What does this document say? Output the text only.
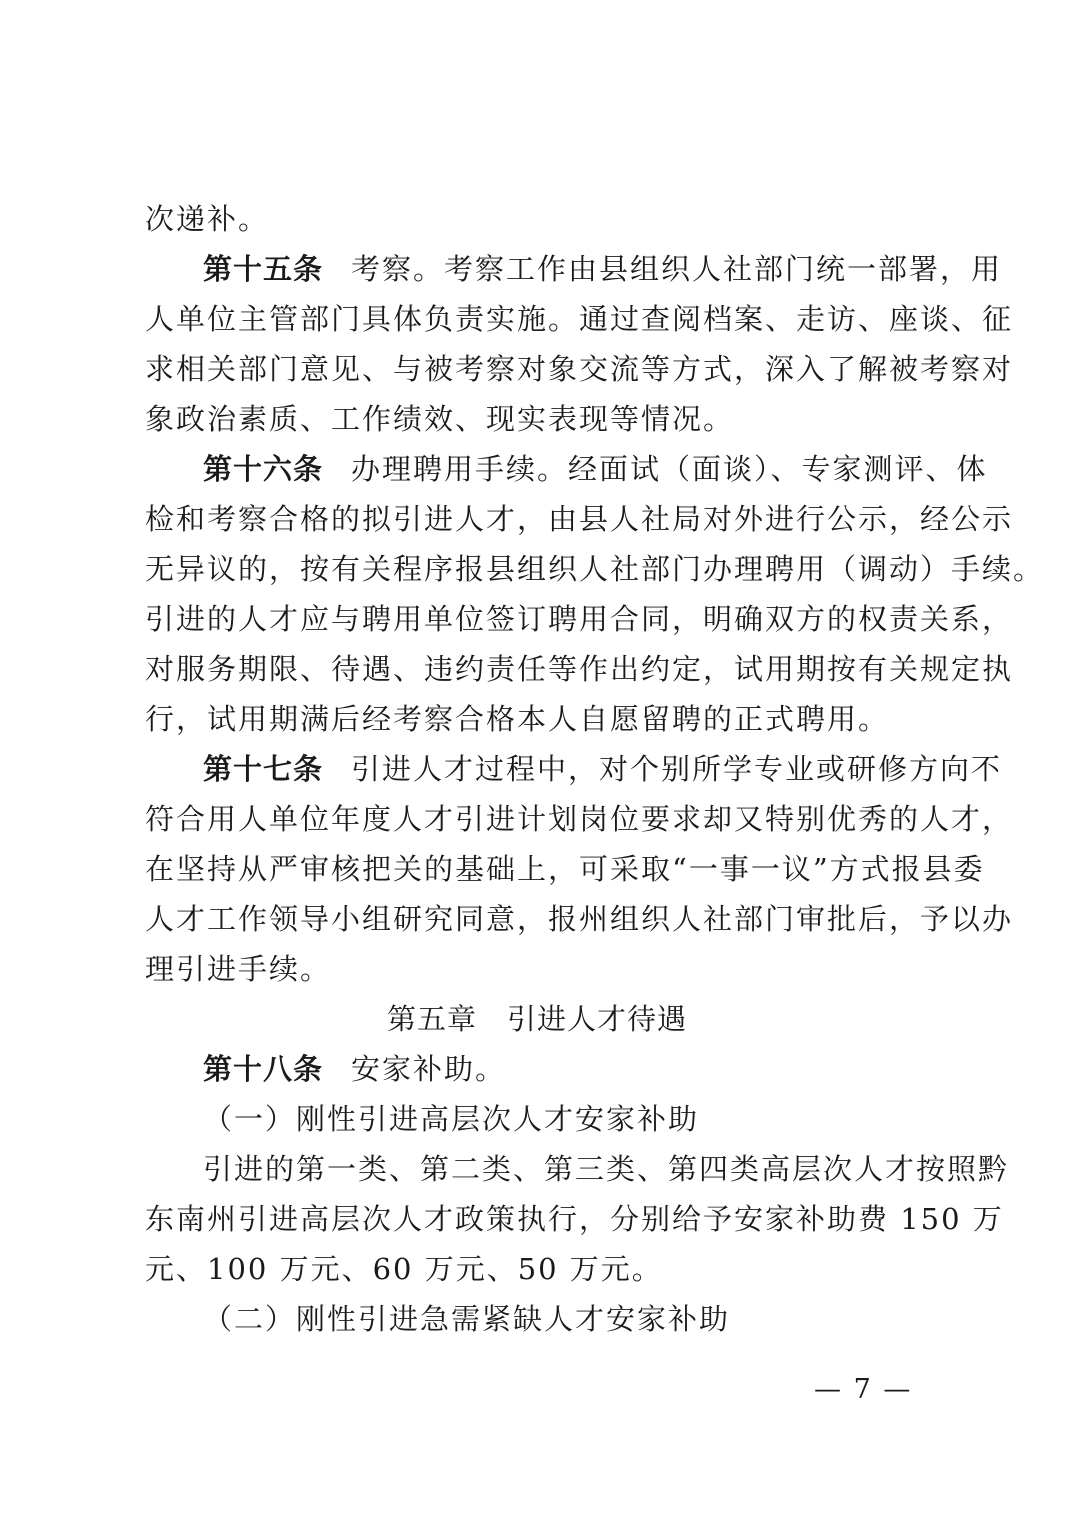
次递补。
第十五条 考察。考察工作由县组织人社部门统一部署，用
人单位主管部门具体负责实施。通过查阅档案、走访、座谈、征
求相关部门意见、与被考察对象交流等方式，深入了解被考察对
象政治素质、工作绩效、现实表现等情况。
第十六条 办理聘用手续。经面试（面谈）、专家测评、体
检和考察合格的拟引进人才，由县人社局对外进行公示，经公示
无异议的，按有关程序报县组织人社部门办理聘用（调动）手续。
引进的人才应与聘用单位签订聘用合同，明确双方的权责关系，
对服务期限、待遇、违约责任等作出约定，试用期按有关规定执
行，试用期满后经考察合格本人自愿留聘的正式聘用。
第十七条 引进人才过程中，对个别所学专业或研修方向不
符合用人单位年度人才引进计划岗位要求却又特别优秀的人才，
在坚持从严审核把关的基础上，可采取“一事一议”方式报县委
人才工作领导小组研究同意，报州组织人社部门审批后，予以办
理引进手续。
第五章 引进人才待遇
第十八条 安家补助。
（一）刚性引进高层次人才安家补助
引进的第一类、第二类、第三类、第四类高层次人才按照黔
东南州引进高层次人才政策执行，分别给予安家补助费 150 万
元、100 万元、60 万元、50 万元。
（二）刚性引进急需紧缺人才安家补助
— 7 —
